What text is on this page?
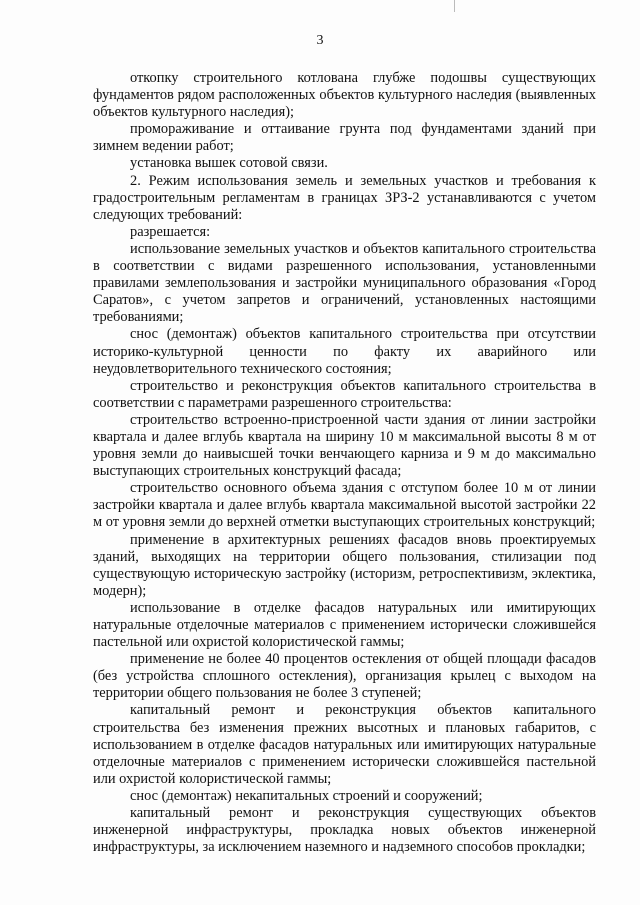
3

откопку строительного котлована глубже подошвы существующих фундаментов рядом расположенных объектов культурного наследия (выявленных объектов культурного наследия);

промораживание и оттаивание грунта под фундаментами зданий при зимнем ведении работ;

установка вышек сотовой связи.

2. Режим использования земель и земельных участков и требования к градостроительным регламентам в границах ЗРЗ-2 устанавливаются с учетом следующих требований:

разрешается:

использование земельных участков и объектов капитального строительства в соответствии с видами разрешенного использования, установленными правилами землепользования и застройки муниципального образования «Город Саратов», с учетом запретов и ограничений, установленных настоящими требованиями;

снос (демонтаж) объектов капитального строительства при отсутствии историко-культурной ценности по факту их аварийного или неудовлетворительного технического состояния;

строительство и реконструкция объектов капитального строительства в соответствии с параметрами разрешенного строительства:

строительство встроенно-пристроенной части здания от линии застройки квартала и далее вглубь квартала на ширину 10 м максимальной высоты 8 м от уровня земли до наивысшей точки венчающего карниза и 9 м до максимально выступающих строительных конструкций фасада;

строительство основного объема здания с отступом более 10 м от линии застройки квартала и далее вглубь квартала максимальной высотой застройки 22 м от уровня земли до верхней отметки выступающих строительных конструкций;

применение в архитектурных решениях фасадов вновь проектируемых зданий, выходящих на территории общего пользования, стилизации под существующую историческую застройку (историзм, ретроспективизм, эклектика, модерн);

использование в отделке фасадов натуральных или имитирующих натуральные отделочные материалов с применением исторически сложившейся пастельной или охристой колористической гаммы;

применение не более 40 процентов остекления от общей площади фасадов (без устройства сплошного остекления), организация крылец с выходом на территории общего пользования не более 3 ступеней;

капитальный ремонт и реконструкция объектов капитального строительства без изменения прежних высотных и плановых габаритов, с использованием в отделке фасадов натуральных или имитирующих натуральные отделочные материалов с применением исторически сложившейся пастельной или охристой колористической гаммы;

снос (демонтаж) некапитальных строений и сооружений;

капитальный ремонт и реконструкция существующих объектов инженерной инфраструктуры, прокладка новых объектов инженерной инфраструктуры, за исключением наземного и надземного способов прокладки;
